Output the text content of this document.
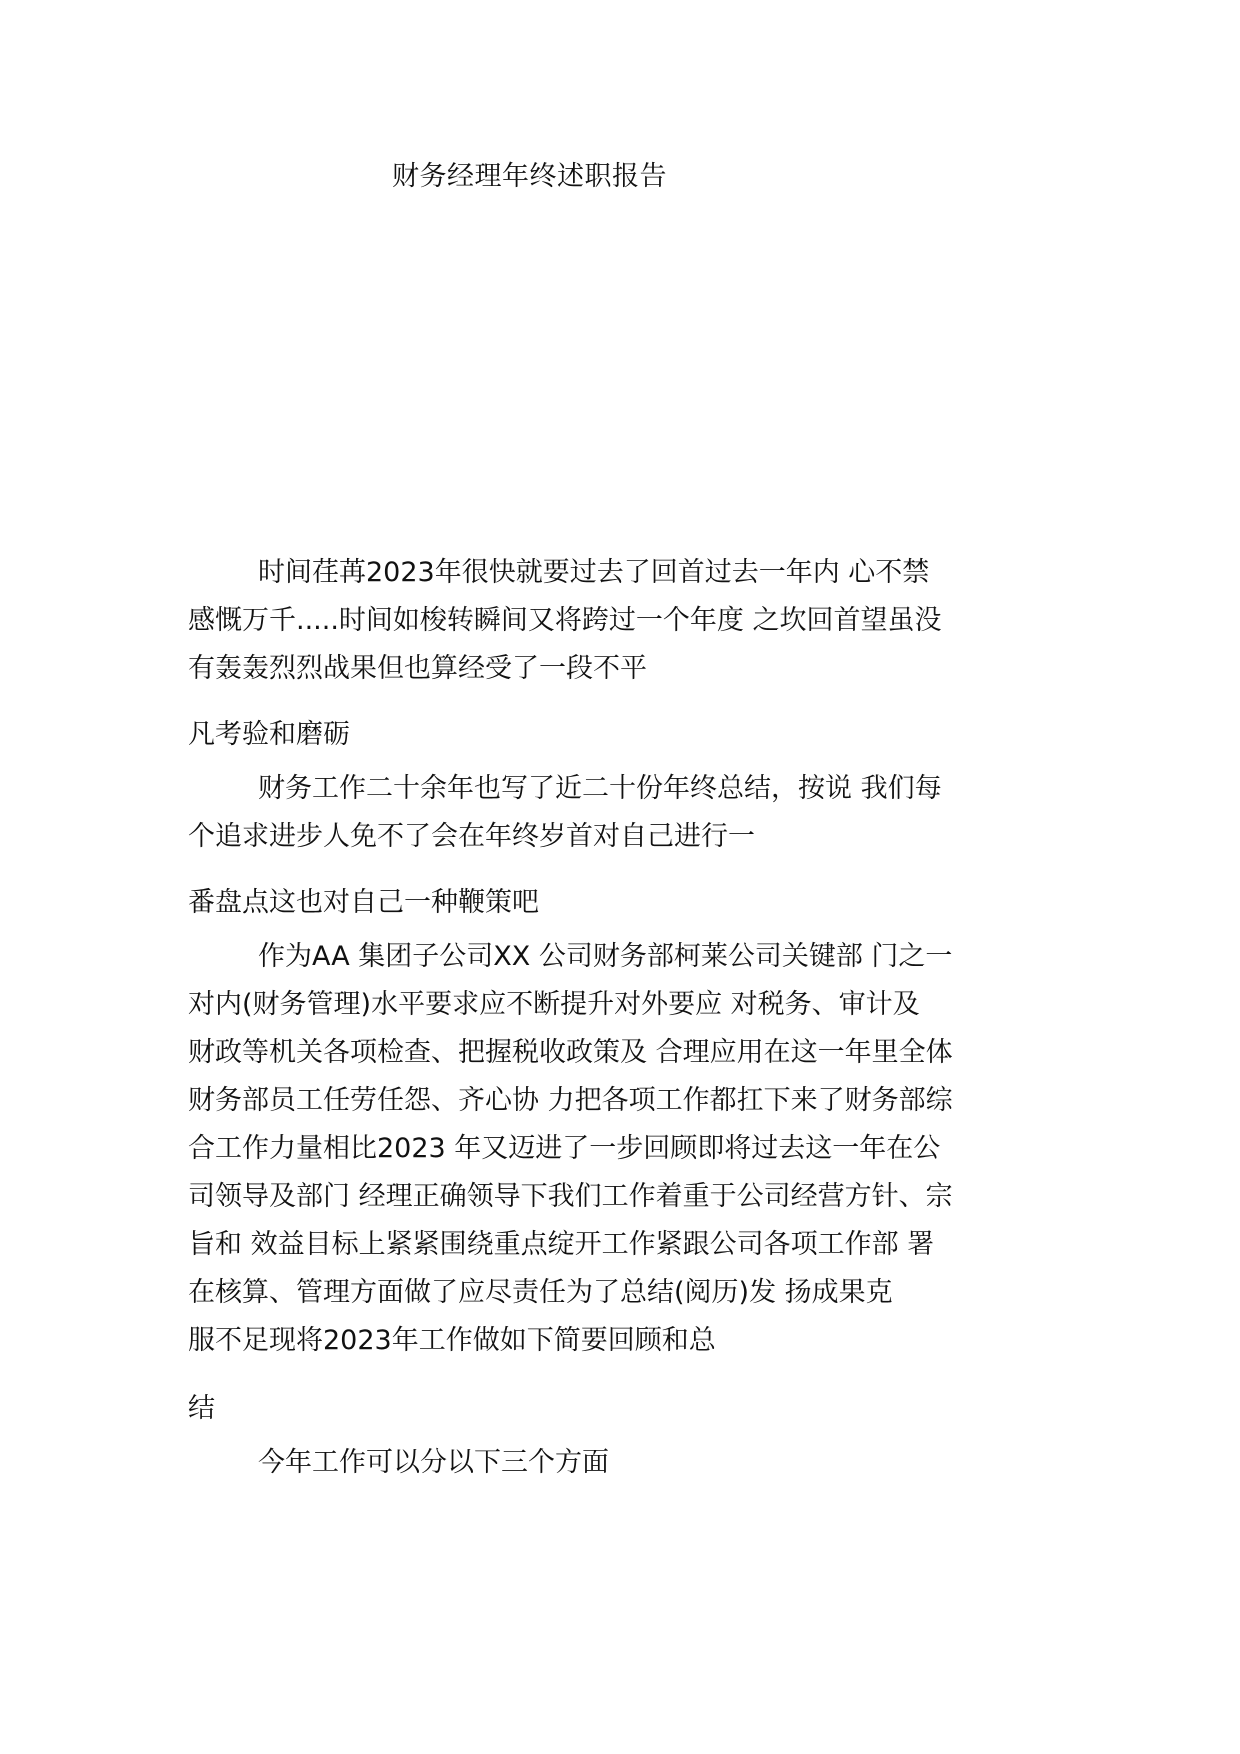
财务经理年终述职报告
时间荏苒2023年很快就要过去了回首过去一年内 心不禁
感慨万千.....时间如梭转瞬间又将跨过一个年度 之坎回首望虽没
有轰轰烈烈战果但也算经受了一段不平
凡考验和磨砺
财务工作二十余年也写了近二十份年终总结，按说 我们每
个追求进步人免不了会在年终岁首对自己进行一
番盘点这也对自己一种鞭策吧
作为AA 集团子公司XX 公司财务部柯莱公司关键部 门之一
对内(财务管理)水平要求应不断提升对外要应 对税务、审计及
财政等机关各项检查、把握税收政策及 合理应用在这一年里全体
财务部员工任劳任怨、齐心协 力把各项工作都扛下来了财务部综
合工作力量相比2023 年又迈进了一步回顾即将过去这一年在公
司领导及部门 经理正确领导下我们工作着重于公司经营方针、宗
旨和 效益目标上紧紧围绕重点绽开工作紧跟公司各项工作部 署
在核算、管理方面做了应尽责任为了总结(阅历)发 扬成果克
服不足现将2023年工作做如下简要回顾和总
结
今年工作可以分以下三个方面
